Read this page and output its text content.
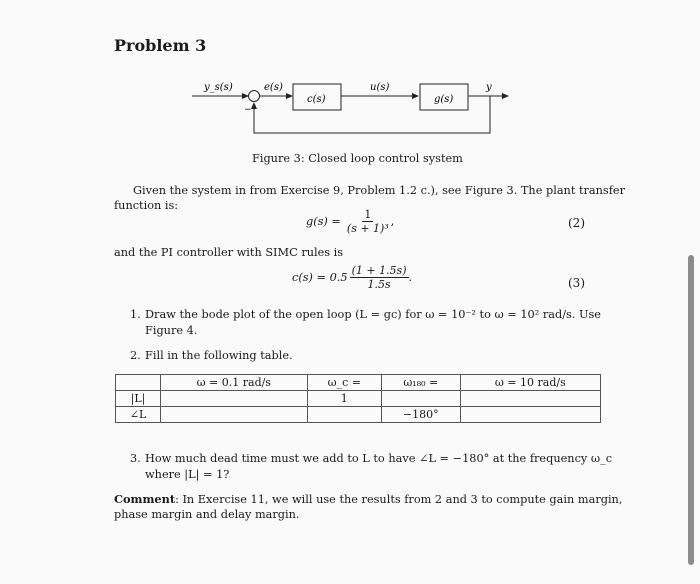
Problem 3
y_s(s)	e(s)
c(s)
u(s)
g(s)
y
−
Figure 3: Closed loop control system
Given the system in from Exercise 9, Problem 1.2 c.), see Figure 3. The plant transfer
function is:
$g(s) = \frac{1}{\text{(s + 1)³}}$ ,	(2)
and the PI controller with SIMC rules is
$c(s) = 0.5 \frac{(1 + 1.5s)}{1.5s}$ .	(3)
1. Draw the bode plot of the open loop (L = gc) for ω = 10⁻² to ω = 10² rad/s. Use
Figure 4.
2. Fill in the following table.
	ω = 0.1 rad/s	ω_c =	ω₁₈₀ =	ω = 10 rad/s
|L|		1		
∠L			−180°	
3. How much dead time must we add to L to have ∠L = −180° at the frequency ω_c
where |L| = 1?
Comment: In Exercise 11, we will use the results from 2 and 3 to compute gain margin,
phase margin and delay margin.
